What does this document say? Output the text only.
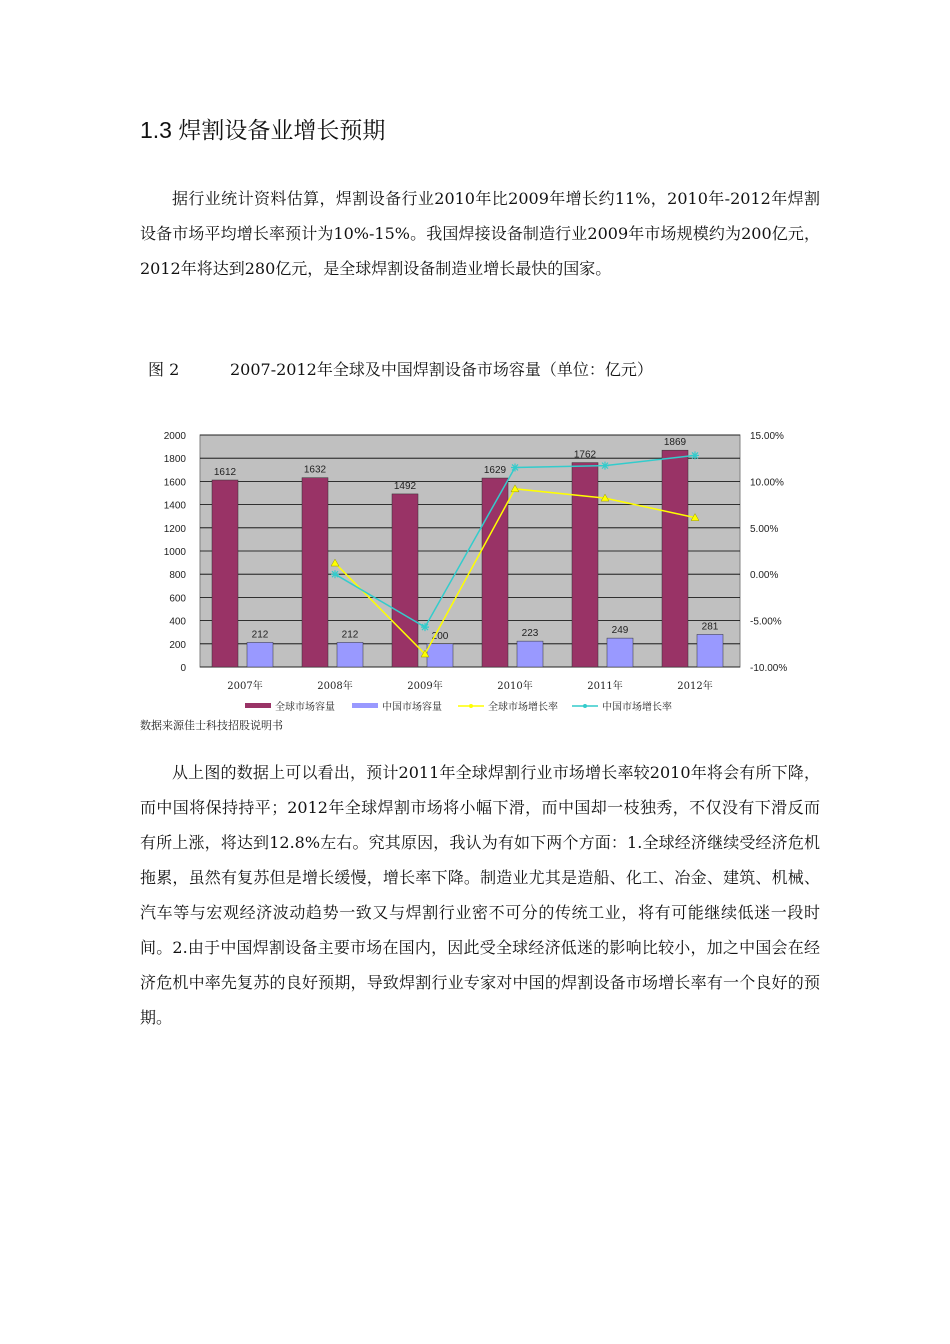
1.3 焊割设备业增长预期

据行业统计资料估算，焊割设备行业2010年比2009年增长约11%，2010年-2012年焊割设备市场平均增长率预计为10%-15%。我国焊接设备制造行业2009年市场规模约为200亿元，2012年将达到280亿元，是全球焊割设备制造业增长最快的国家。

图 2	2007-2012年全球及中国焊割设备市场容量（单位：亿元）
0
200
400
600
800
1000
1200
1400
1600
1800
2000
-10.00%
-5.00%
0.00%
5.00%
10.00%
15.00%
1612	1632
1492
1629
1762
1869
212	212	200	223	249	281
2007年	2008年	2009年	2010年	2011年	2012年
全球市场容量	中国市场容量	全球市场增长率	中国市场增长率
数据来源佳士科技招股说明书

从上图的数据上可以看出，预计2011年全球焊割行业市场增长率较2010年将会有所下降，而中国将保持持平；2012年全球焊割市场将小幅下滑，而中国却一枝独秀，不仅没有下滑反而有所上涨，将达到12.8%左右。究其原因，我认为有如下两个方面：1.全球经济继续受经济危机拖累，虽然有复苏但是增长缓慢，增长率下降。制造业尤其是造船、化工、冶金、建筑、机械、汽车等与宏观经济波动趋势一致又与焊割行业密不可分的传统工业，将有可能继续低迷一段时间。2.由于中国焊割设备主要市场在国内，因此受全球经济低迷的影响比较小，加之中国会在经济危机中率先复苏的良好预期，导致焊割行业专家对中国的焊割设备市场增长率有一个良好的预期。
